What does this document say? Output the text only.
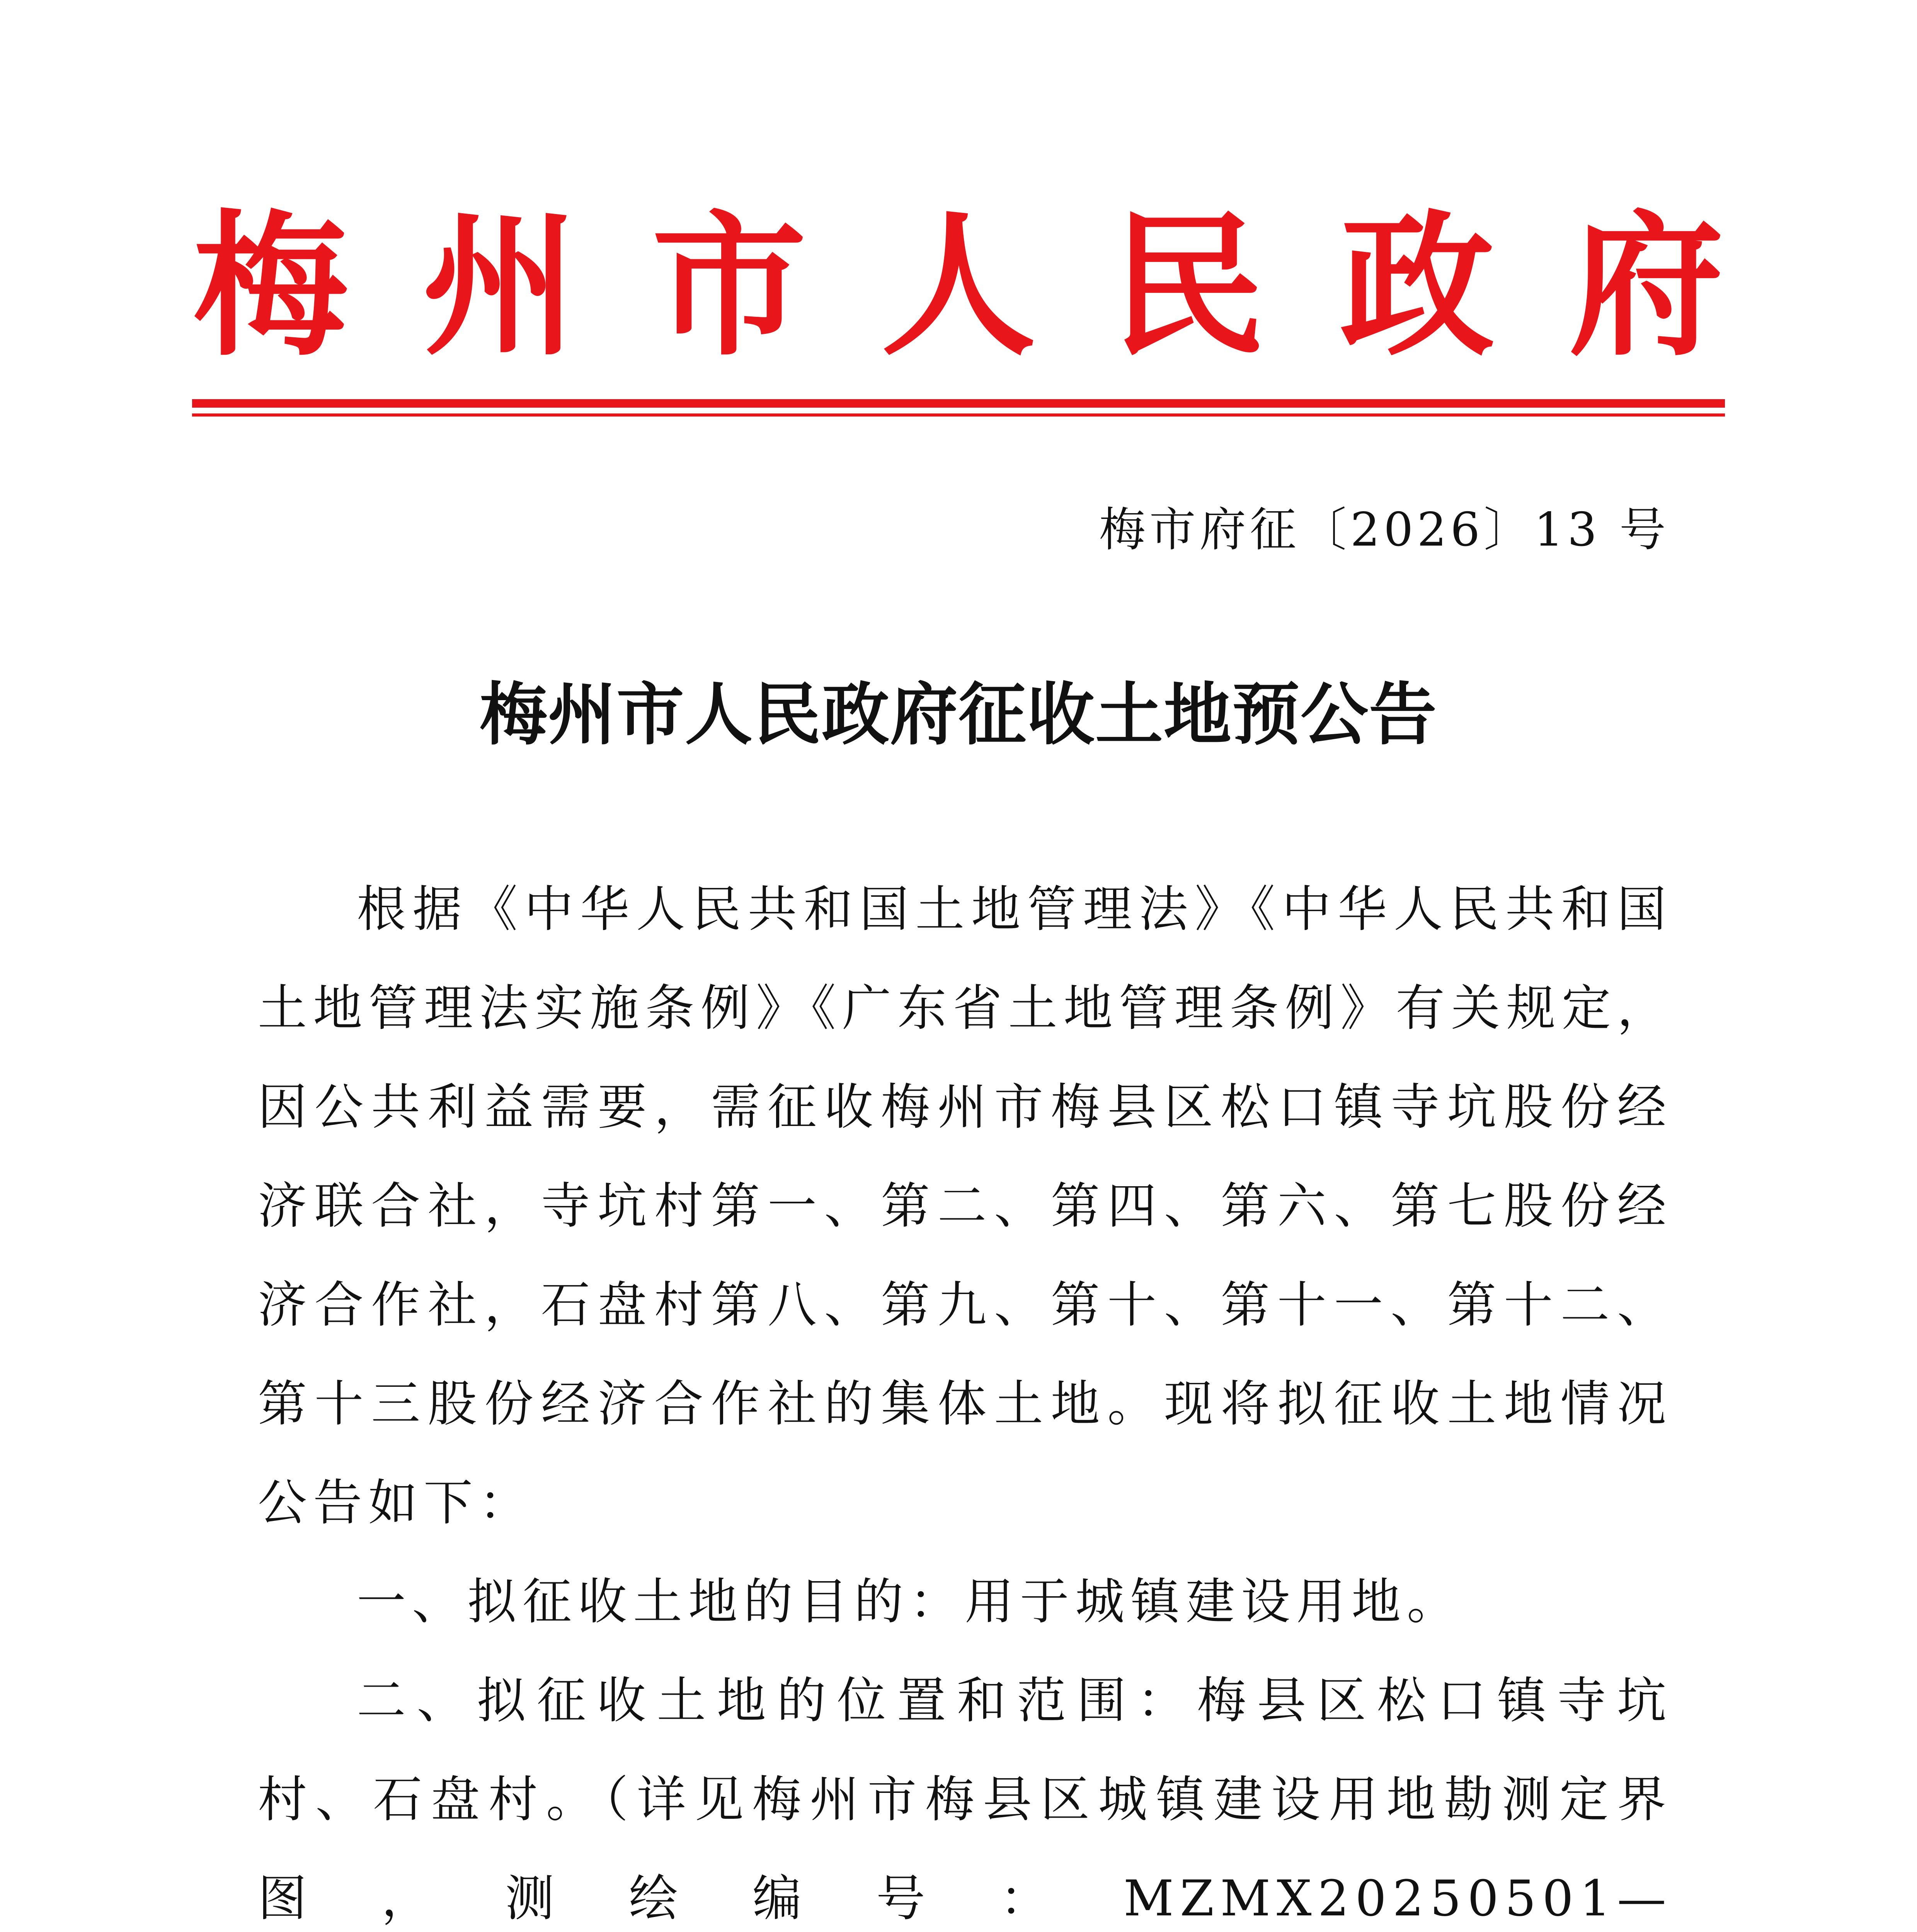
梅 州 市 人 民 政 府
梅市府征〔2026〕13 号
梅州市人民政府征收土地预公告

根据《中华人民共和国土地管理法》《中华人民共和国土地管理法实施条例》《广东省土地管理条例》有关规定，因公共利益需要，需征收梅州市梅县区松口镇寺坑股份经济联合社，寺坑村第一、第二、第四、第六、第七股份经济合作社，石盘村第八、第九、第十、第十一、第十二、第十三股份经济合作社的集体土地。现将拟征收土地情况公告如下：

一、拟征收土地的目的：用于城镇建设用地。

二、拟征收土地的位置和范围：梅县区松口镇寺坑村、石盘村。（详见梅州市梅县区城镇建设用地勘测定界图，测绘编号：MZMX20250501—
